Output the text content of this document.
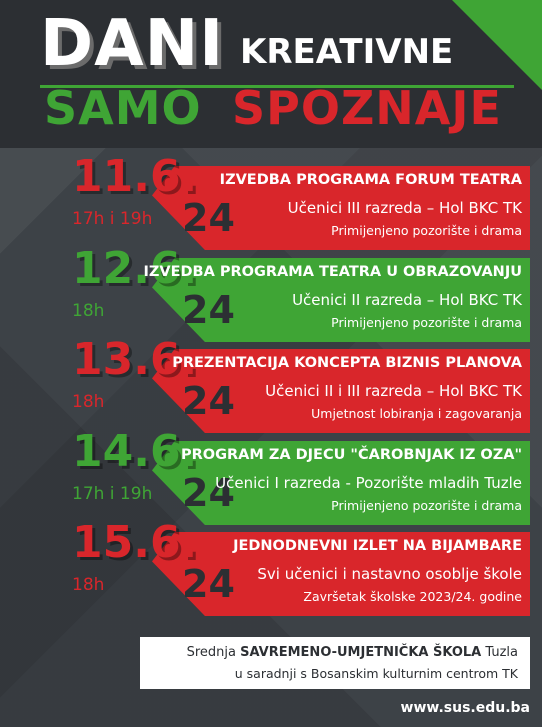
DANI KREATIVNE
SAMO SPOZNAJE
11.6.
17h i 19h 24
IZVEDBA PROGRAMA FORUM TEATRA
Učenici III razreda – Hol BKC TK
Primijenjeno pozorište i drama
12.6.
18h 24
IZVEDBA PROGRAMA TEATRA U OBRAZOVANJU
Učenici II razreda – Hol BKC TK
Primijenjeno pozorište i drama
13.6.
18h 24
PREZENTACIJA KONCEPTA BIZNIS PLANOVA
Učenici II i III razreda – Hol BKC TK
Umjetnost lobiranja i zagovaranja
14.6.
17h i 19h 24
PROGRAM ZA DJECU "ČAROBNJAK IZ OZA"
Učenici I razreda - Pozorište mladih Tuzle
Primijenjeno pozorište i drama
15.6.
18h 24
JEDNODNEVNI IZLET NA BIJAMBARE
Svi učenici i nastavno osoblje škole
Završetak školske 2023/24. godine
Srednja SAVREMENO-UMJETNIČKA ŠKOLA Tuzla
u saradnji s Bosanskim kulturnim centrom TK
www.sus.edu.ba
